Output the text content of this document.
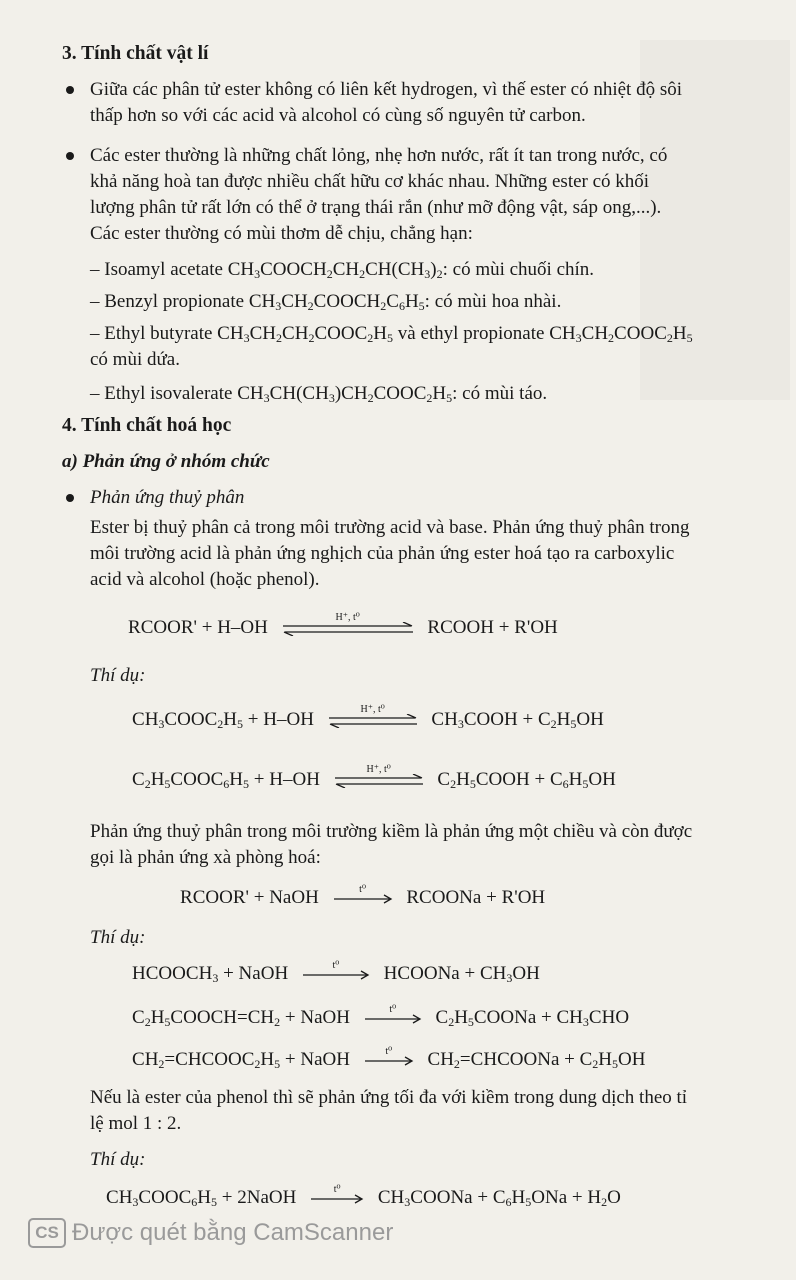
3. Tính chất vật lí
Giữa các phân tử ester không có liên kết hydrogen, vì thế ester có nhiệt độ sôi
thấp hơn so với các acid và alcohol có cùng số nguyên tử carbon.
Các ester thường là những chất lỏng, nhẹ hơn nước, rất ít tan trong nước, có
khả năng hoà tan được nhiều chất hữu cơ khác nhau. Những ester có khối
lượng phân tử rất lớn có thể ở trạng thái rắn (như mỡ động vật, sáp ong,...).
Các ester thường có mùi thơm dễ chịu, chẳng hạn:
– Isoamyl acetate $CH_3COOCH_2CH_2CH(CH_3)_2$: có mùi chuối chín.
– Benzyl propionate $CH_3CH_2COOCH_2C_6H_5$: có mùi hoa nhài.
– Ethyl butyrate $CH_3CH_2CH_2COOC_2H_5$ và ethyl propionate $CH_3CH_2COOC_2H_5$
có mùi dứa.
– Ethyl isovalerate $CH_3CH(CH_3)CH_2COOC_2H_5$: có mùi táo.
4. Tính chất hoá học
a) Phản ứng ở nhóm chức
Phản ứng thuỷ phân
Ester bị thuỷ phân cả trong môi trường acid và base. Phản ứng thuỷ phân trong
môi trường acid là phản ứng nghịch của phản ứng ester hoá tạo ra carboxylic
acid và alcohol (hoặc phenol).
RCOOR' + H–OH	H⁺, t⁰	RCOOH + R'OH
Thí dụ:
$CH_3COOC_2H_5 + H-OH$	H⁺, t⁰	$CH_3COOH + C_2H_5OH$
$C_2H_5COOC_6H_5 + H-OH$	H⁺, t⁰	$C_2H_5COOH + C_6H_5OH$
Phản ứng thuỷ phân trong môi trường kiềm là phản ứng một chiều và còn được
gọi là phản ứng xà phòng hoá:
RCOOR' + NaOH	t⁰	RCOONa + R'OH
Thí dụ:
$HCOOCH_3$ + NaOH	t⁰	HCOONa + $CH_3OH$
$C_2H_5COOCH=CH_2$ + NaOH	t⁰	$C_2H_5COONa + CH_3CHO$
$CH_2=CHCOOC_2H_5$ + NaOH	t⁰	$CH_2=CHCOONa + C_2H_5OH$
Nếu là ester của phenol thì sẽ phản ứng tối đa với kiềm trong dung dịch theo tỉ
lệ mol 1 : 2.
Thí dụ:
$CH_3COOC_6H_5$ + 2NaOH	t⁰	$CH_3COONa + C_6H_5ONa + H_2O$
CS Được quét bằng CamScanner
